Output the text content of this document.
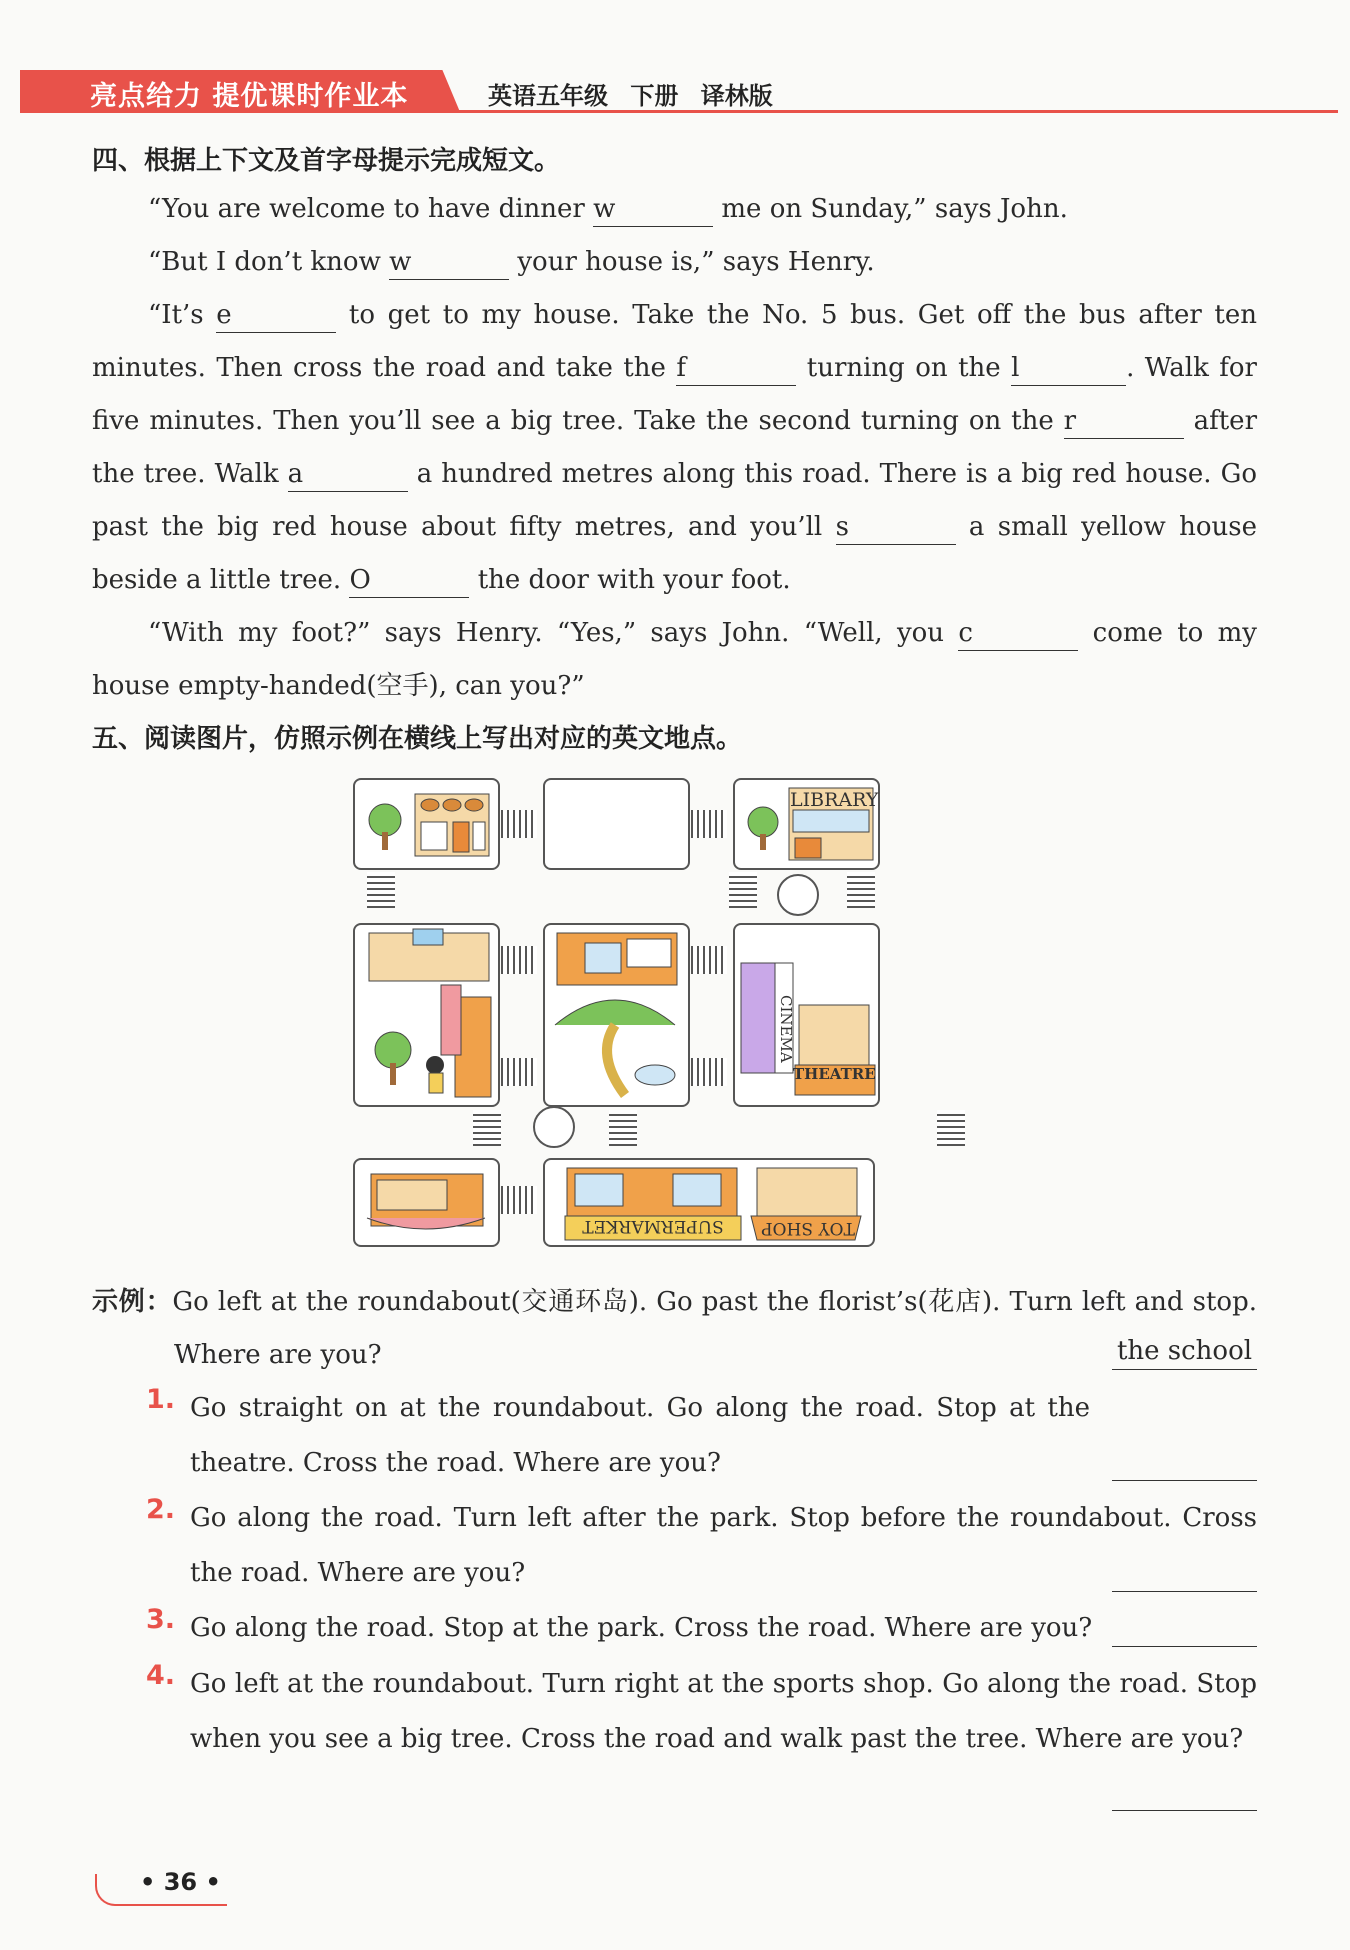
亮点给力 提优课时作业本	英语五年级 下册 译林版
四、根据上下文及首字母提示完成短文。

“You are welcome to have dinner w	me on Sunday,” says John.

“But I don’t know w	your house is,” says Henry.

“It’s e	to get to my house. Take the No. 5 bus. Get off the bus after ten minutes. Then cross the road and take the f	turning on the l	. Walk for five minutes. Then you’ll see a big tree. Take the second turning on the r	after the tree. Walk a	a hundred metres along this road. There is a big red house. Go past the big red house about fifty metres, and you’ll s	a small yellow house beside a little tree. O	the door with your foot.

“With my foot?” says Henry. “Yes,” says John. “Well, you c	come to my house empty-handed(空手), can you?”

五、阅读图片，仿照示例在横线上写出对应的英文地点。
LIBRARY
CINEMA
THEATRE
SUPERMARKET	TOY SHOP
示例：Go left at the roundabout(交通环岛). Go past the florist’s(花店). Turn left and stop. Where are you?	the school
1. Go straight on at the roundabout. Go along the road. Stop at the theatre. Cross the road. Where are you?
2. Go along the road. Turn left after the park. Stop before the roundabout. Cross the road. Where are you?
3. Go along the road. Stop at the park. Cross the road. Where are you?
4. Go left at the roundabout. Turn right at the sports shop. Go along the road. Stop when you see a big tree. Cross the road and walk past the tree. Where are you?
• 36 •
